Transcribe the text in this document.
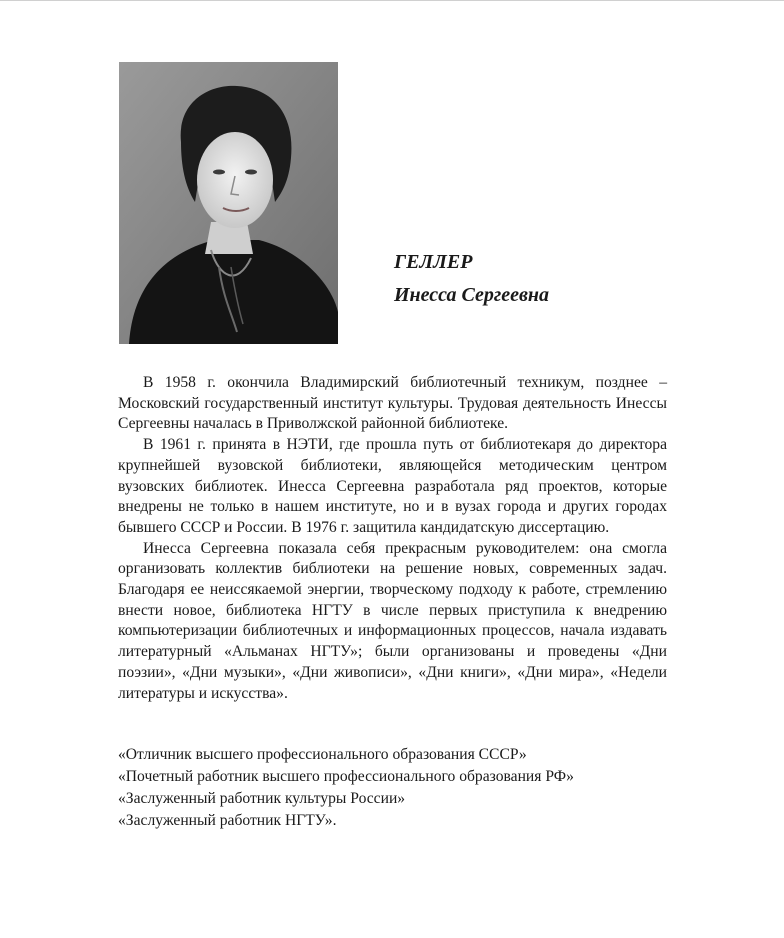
ГЕЛЛЕР
Инесса Сергеевна

В 1958 г. окончила Владимирский библиотечный техникум, позднее – Московский государственный институт культуры. Трудовая деятельность Инессы Сергеевны началась в Приволжской районной библиотеке.

В 1961 г. принята в НЭТИ, где прошла путь от библиотекаря до директора крупнейшей вузовской библиотеки, являющейся методическим центром вузовских библиотек. Инесса Сергеевна разработала ряд проектов, которые внедрены не только в нашем институте, но и в вузах города и других городах бывшего СССР и России. В 1976 г. защитила кандидатскую диссертацию.

Инесса Сергеевна показала себя прекрасным руководителем: она смогла организовать коллектив библиотеки на решение новых, современных задач. Благодаря ее неиссякаемой энергии, творческому подходу к работе, стремлению внести новое, библиотека НГТУ в числе первых приступила к внедрению компьютеризации библиотечных и информационных процессов, начала издавать литературный «Альманах НГТУ»; были организованы и проведены «Дни поэзии», «Дни музыки», «Дни живописи», «Дни книги», «Дни мира», «Недели литературы и искусства».

«Отличник высшего профессионального образования СССР»
«Почетный работник высшего профессионального образования РФ»
«Заслуженный работник культуры России»
«Заслуженный работник НГТУ».
